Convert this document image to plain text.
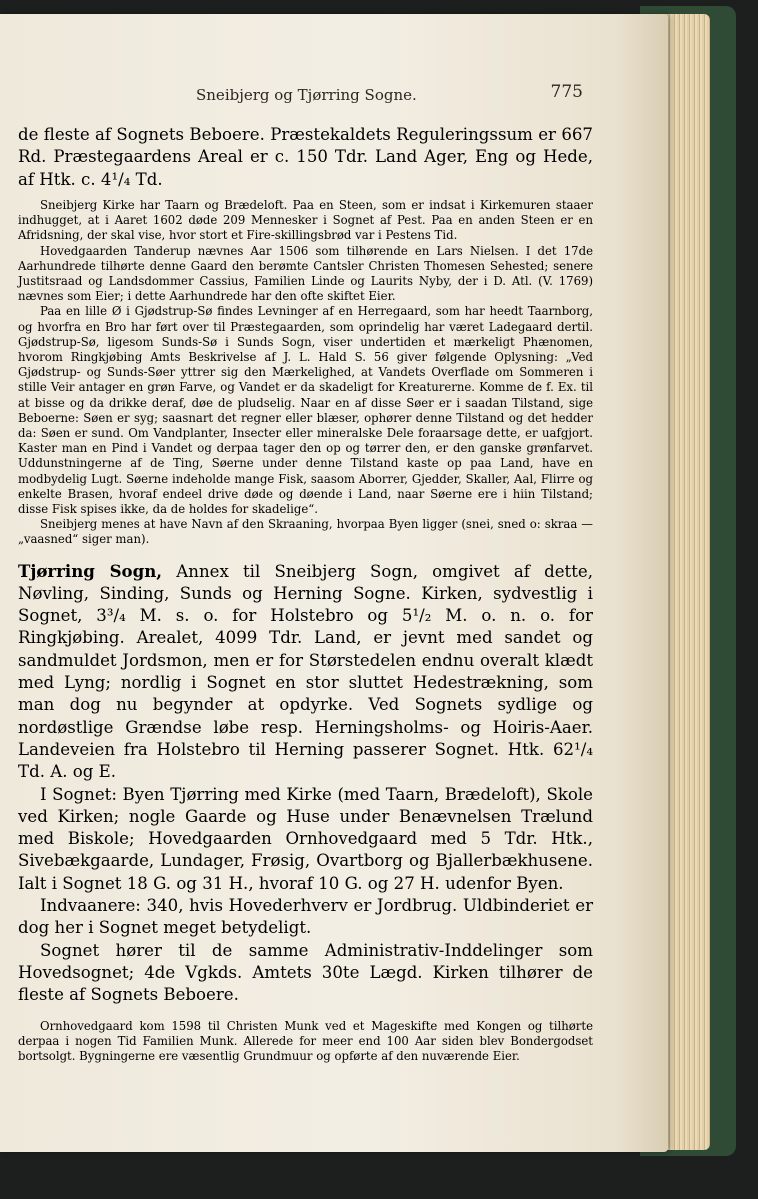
Sneibjerg og Tjørring Sogne.	775

de fleste af Sognets Beboere. Præstekaldets Reguleringssum er 667 Rd. Præstegaardens Areal er c. 150 Tdr. Land Ager, Eng og Hede, af Htk. c. 4¹/₄ Td.

Sneibjerg Kirke har Taarn og Brædeloft. Paa en Steen, som er indsat i Kirkemuren staaer indhugget, at i Aaret 1602 døde 209 Mennesker i Sognet af Pest. Paa en anden Steen er en Afridsning, der skal vise, hvor stort et Fire-skillingsbrød var i Pestens Tid.

Hovedgaarden Tanderup nævnes Aar 1506 som tilhørende en Lars Nielsen. I det 17de Aarhundrede tilhørte denne Gaard den berømte Cantsler Christen Thomesen Sehested; senere Justitsraad og Landsdommer Cassius, Familien Linde og Laurits Nyby, der i D. Atl. (V. 1769) nævnes som Eier; i dette Aarhundrede har den ofte skiftet Eier.

Paa en lille Ø i Gjødstrup-Sø findes Levninger af en Herregaard, som har heedt Taarnborg, og hvorfra en Bro har ført over til Præstegaarden, som oprindelig har været Ladegaard dertil. Gjødstrup-Sø, ligesom Sunds-Sø i Sunds Sogn, viser undertiden et mærkeligt Phænomen, hvorom Ringkjøbing Amts Beskrivelse af J. L. Hald S. 56 giver følgende Oplysning: „Ved Gjødstrup- og Sunds-Søer yttrer sig den Mærkelighed, at Vandets Overflade om Sommeren i stille Veir antager en grøn Farve, og Vandet er da skadeligt for Kreaturerne. Komme de f. Ex. til at bisse og da drikke deraf, døe de pludselig. Naar en af disse Søer er i saadan Tilstand, sige Beboerne: Søen er syg; saasnart det regner eller blæser, ophører denne Tilstand og det hedder da: Søen er sund. Om Vandplanter, Insecter eller mineralske Dele foraarsage dette, er uafgjort. Kaster man en Pind i Vandet og derpaa tager den op og tørrer den, er den ganske grønfarvet. Uddunstningerne af de Ting, Søerne under denne Tilstand kaste op paa Land, have en modbydelig Lugt. Søerne indeholde mange Fisk, saasom Aborrer, Gjedder, Skaller, Aal, Flirre og enkelte Brasen, hvoraf endeel drive døde og døende i Land, naar Søerne ere i hiin Tilstand; disse Fisk spises ikke, da de holdes for skadelige“.

Sneibjerg menes at have Navn af den Skraaning, hvorpaa Byen ligger (snei, sned o: skraa — „vaasned“ siger man).

Tjørring Sogn, Annex til Sneibjerg Sogn, omgivet af dette, Nøvling, Sinding, Sunds og Herning Sogne. Kirken, sydvestlig i Sognet, 3³/₄ M. s. o. for Holstebro og 5¹/₂ M. o. n. o. for Ringkjøbing. Arealet, 4099 Tdr. Land, er jevnt med sandet og sandmuldet Jordsmon, men er for Størstedelen endnu overalt klædt med Lyng; nordlig i Sognet en stor sluttet Hedestrækning, som man dog nu begynder at opdyrke. Ved Sognets sydlige og nordøstlige Grændse løbe resp. Herningsholms- og Hoiris-Aaer. Landeveien fra Holstebro til Herning passerer Sognet. Htk. 62¹/₄ Td. A. og E.

I Sognet: Byen Tjørring med Kirke (med Taarn, Brædeloft), Skole ved Kirken; nogle Gaarde og Huse under Benævnelsen Trælund med Biskole; Hovedgaarden Ornhovedgaard med 5 Tdr. Htk., Sivebækgaarde, Lundager, Frøsig, Ovartborg og Bjallerbækhusene. Ialt i Sognet 18 G. og 31 H., hvoraf 10 G. og 27 H. udenfor Byen.

Indvaanere: 340, hvis Hovederhverv er Jordbrug. Uldbinderiet er dog her i Sognet meget betydeligt.

Sognet hører til de samme Administrativ-Inddelinger som Hovedsognet; 4de Vgkds. Amtets 30te Lægd. Kirken tilhører de fleste af Sognets Beboere.

Ornhovedgaard kom 1598 til Christen Munk ved et Mageskifte med Kongen og tilhørte derpaa i nogen Tid Familien Munk. Allerede for meer end 100 Aar siden blev Bondergodset bortsolgt. Bygningerne ere væsentlig Grundmuur og opførte af den nuværende Eier.
